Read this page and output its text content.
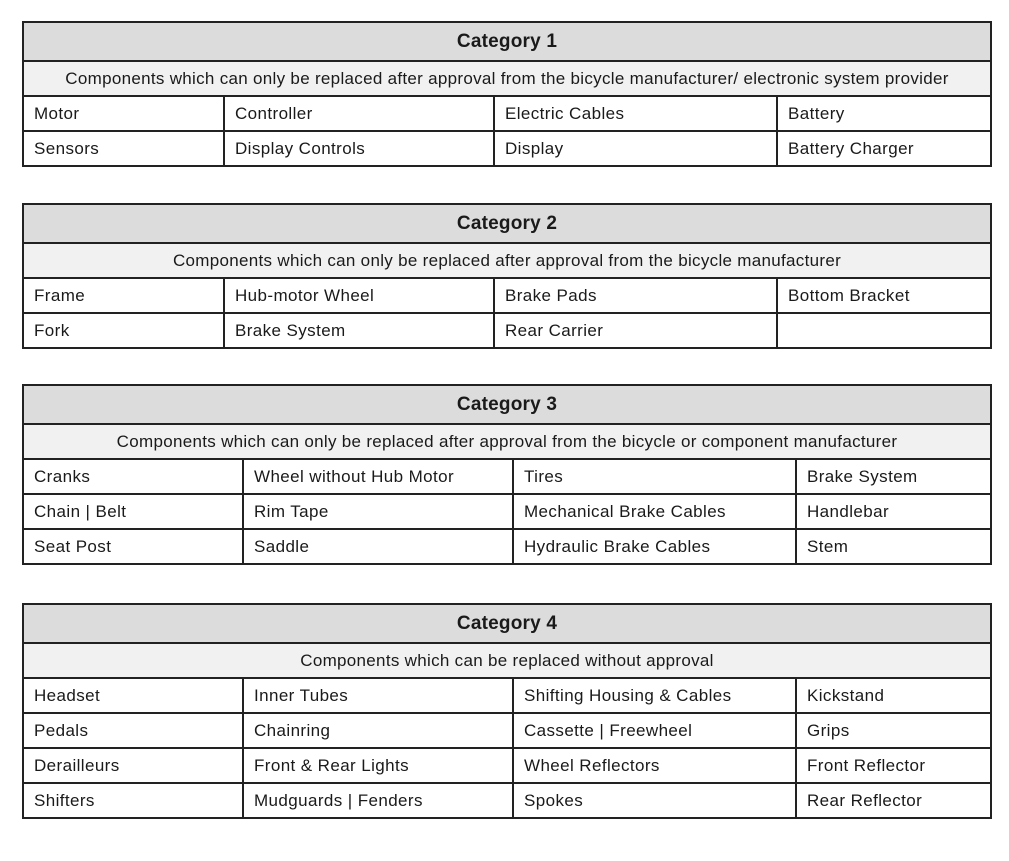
Category 1			
Components which can only be replaced after approval from the bicycle manufacturer/ electronic system provider			
Motor	Controller	Electric Cables	Battery
Sensors	Display Controls	Display	Battery Charger
Category 2			
Components which can only be replaced after approval from the bicycle manufacturer			
Frame	Hub-motor Wheel	Brake Pads	Bottom Bracket
Fork	Brake System	Rear Carrier	
Category 3			
Components which can only be replaced after approval from the bicycle or component manufacturer			
Cranks	Wheel without Hub Motor	Tires	Brake System
Chain | Belt	Rim Tape	Mechanical Brake Cables	Handlebar
Seat Post	Saddle	Hydraulic Brake Cables	Stem
Category 4			
Components which can be replaced without approval			
Headset	Inner Tubes	Shifting Housing & Cables	Kickstand
Pedals	Chainring	Cassette | Freewheel	Grips
Derailleurs	Front & Rear Lights	Wheel Reflectors	Front Reflector
Shifters	Mudguards | Fenders	Spokes	Rear Reflector
